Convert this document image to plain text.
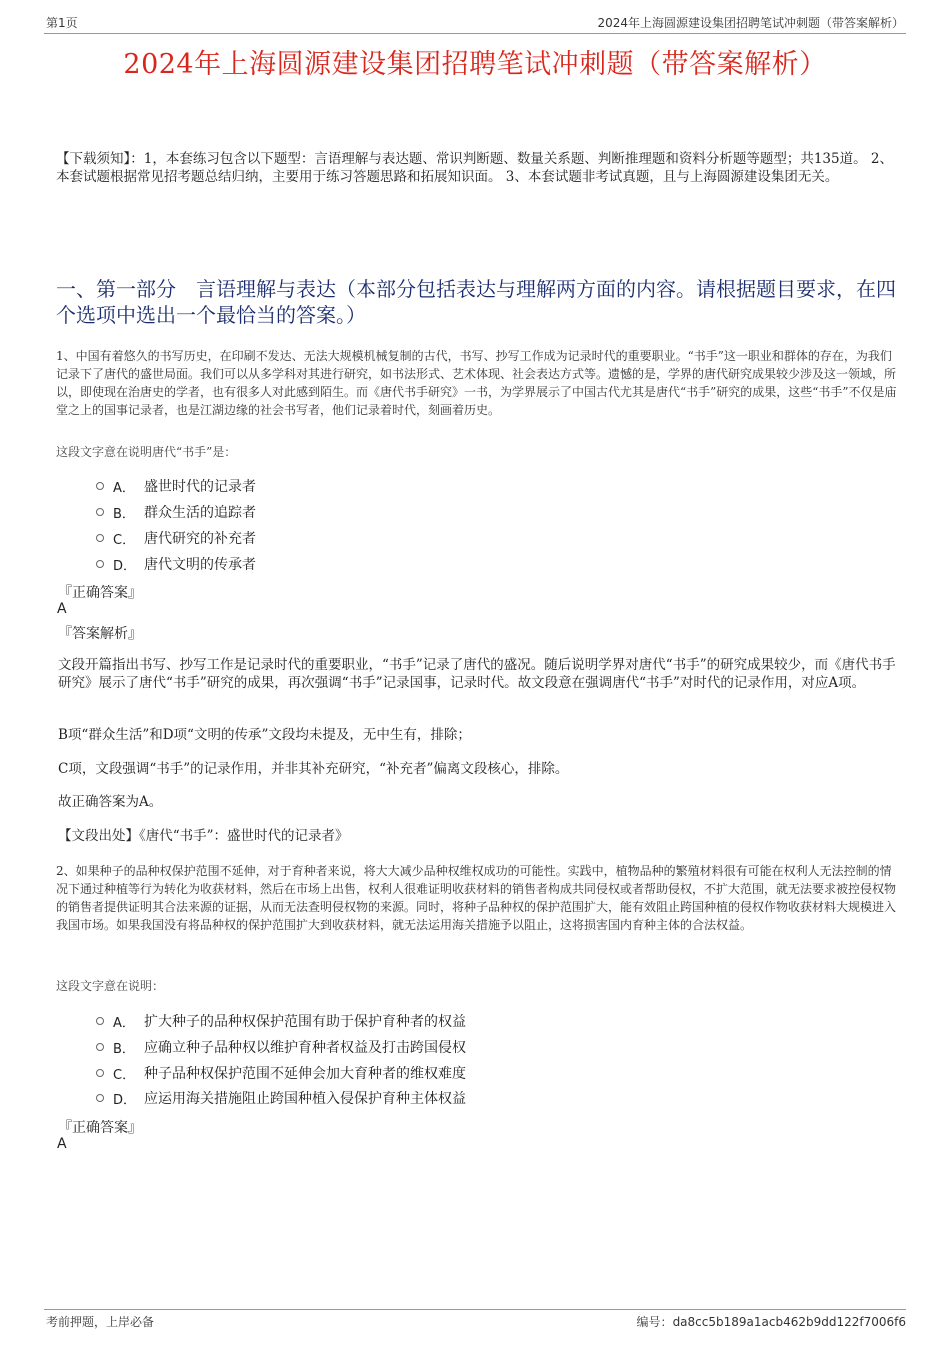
第1页	2024年上海圆源建设集团招聘笔试冲刺题（带答案解析）
2024年上海圆源建设集团招聘笔试冲刺题（带答案解析）
【下载须知】：1，本套练习包含以下题型：言语理解与表达题、常识判断题、数量关系题、判断推理题和资料分析题等题型；共135道。 2、本套试题根据常见招考题总结归纳，主要用于练习答题思路和拓展知识面。 3、本套试题非考试真题，且与上海圆源建设集团无关。
一、第一部分　言语理解与表达（本部分包括表达与理解两方面的内容。请根据题目要求，在四个选项中选出一个最恰当的答案。）
1、中国有着悠久的书写历史，在印刷不发达、无法大规模机械复制的古代，书写、抄写工作成为记录时代的重要职业。“书手”这一职业和群体的存在，为我们记录下了唐代的盛世局面。我们可以从多学科对其进行研究，如书法形式、艺术体现、社会表达方式等。遗憾的是，学界的唐代研究成果较少涉及这一领域，所以，即使现在治唐史的学者，也有很多人对此感到陌生。而《唐代书手研究》一书，为学界展示了中国古代尤其是唐代“书手”研究的成果，这些“书手”不仅是庙堂之上的国事记录者，也是江湖边缘的社会书写者，他们记录着时代，刻画着历史。
这段文字意在说明唐代“书手”是：
A． 盛世时代的记录者
B． 群众生活的追踪者
C． 唐代研究的补充者
D． 唐代文明的传承者
『正确答案』
A
『答案解析』
文段开篇指出书写、抄写工作是记录时代的重要职业，“书手”记录了唐代的盛况。随后说明学界对唐代“书手”的研究成果较少，而《唐代书手研究》展示了唐代“书手”研究的成果，再次强调“书手”记录国事，记录时代。故文段意在强调唐代“书手”对时代的记录作用，对应A项。
B项“群众生活”和D项“文明的传承”文段均未提及，无中生有，排除；
C项，文段强调“书手”的记录作用，并非其补充研究，“补充者”偏离文段核心，排除。
故正确答案为A。
【文段出处】《唐代“书手”：盛世时代的记录者》
2、如果种子的品种权保护范围不延伸，对于育种者来说，将大大减少品种权维权成功的可能性。实践中，植物品种的繁殖材料很有可能在权利人无法控制的情况下通过种植等行为转化为收获材料，然后在市场上出售，权利人很难证明收获材料的销售者构成共同侵权或者帮助侵权，不扩大范围，就无法要求被控侵权物的销售者提供证明其合法来源的证据，从而无法查明侵权物的来源。同时，将种子品种权的保护范围扩大，能有效阻止跨国种植的侵权作物收获材料大规模进入我国市场。如果我国没有将品种权的保护范围扩大到收获材料，就无法运用海关措施予以阻止，这将损害国内育种主体的合法权益。
这段文字意在说明：
A． 扩大种子的品种权保护范围有助于保护育种者的权益
B． 应确立种子品种权以维护育种者权益及打击跨国侵权
C． 种子品种权保护范围不延伸会加大育种者的维权难度
D． 应运用海关措施阻止跨国种植入侵保护育种主体权益
『正确答案』
A
考前押题，上岸必备	编号：da8cc5b189a1acb462b9dd122f7006f6
